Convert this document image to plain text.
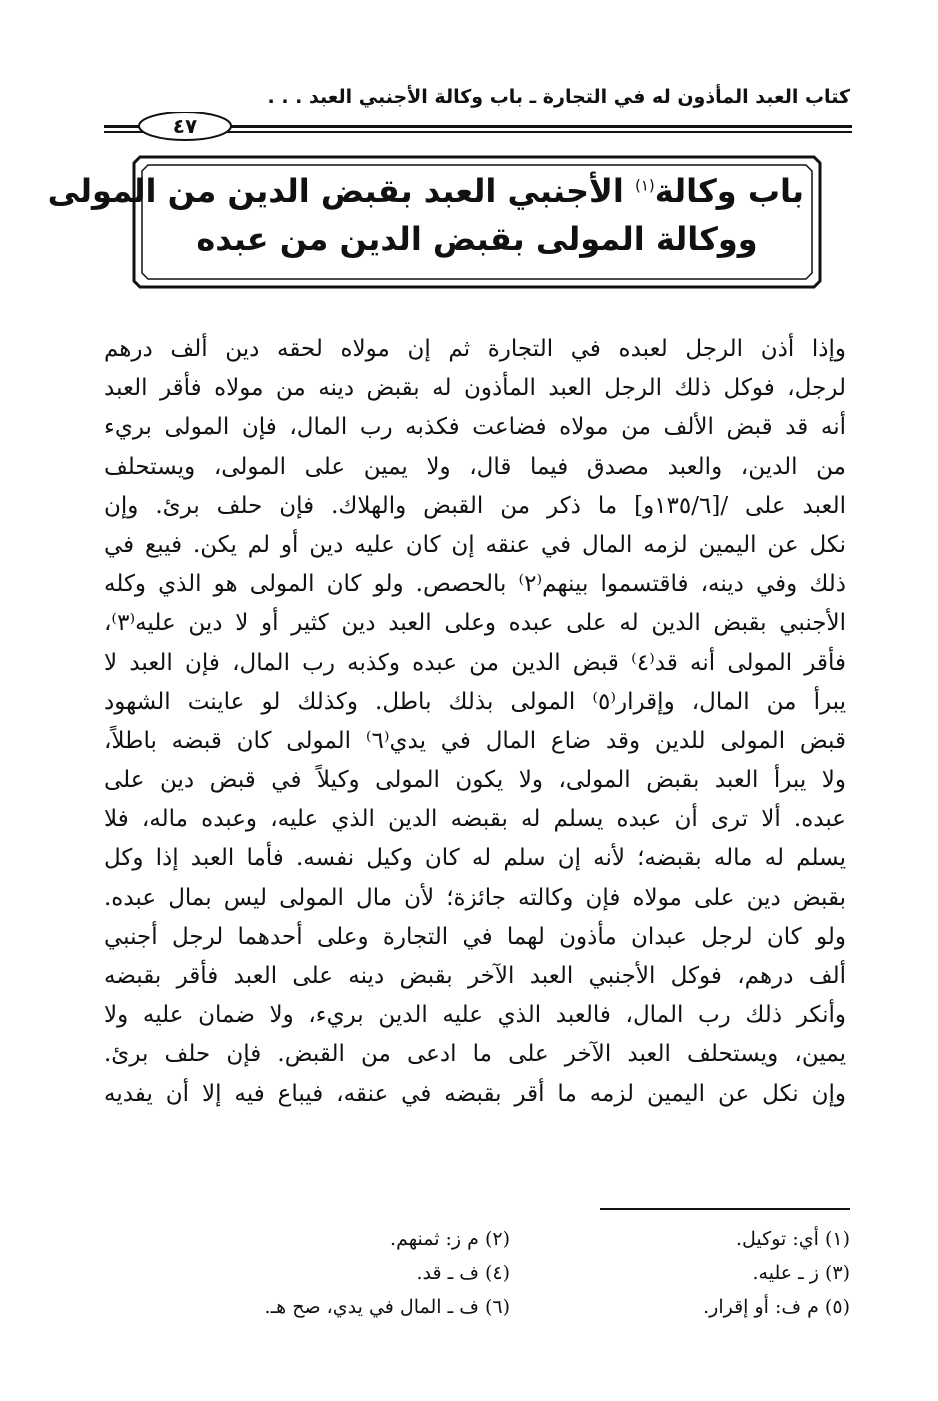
كتاب العبد المأذون له في التجارة ـ باب وكالة الأجنبي العبد . . .
٤٧
باب وكالة$^{(١)}$ الأجنبي العبد بقبض الدين من المولى
ووكالة المولى بقبض الدين من عبده
وإذا أذن الرجل لعبده في التجارة ثم إن مولاه لحقه دين ألف درهم
لرجل، فوكل ذلك الرجل العبد المأذون له بقبض دينه من مولاه فأقر العبد
أنه قد قبض الألف من مولاه فضاعت فكذبه رب المال، فإن المولى بريء
من الدين، والعبد مصدق فيما قال، ولا يمين على المولى، ويستحلف
العبد على /[١٣٥/٦و] ما ذكر من القبض والهلاك. فإن حلف برئ. وإن
نكل عن اليمين لزمه المال في عنقه إن كان عليه دين أو لم يكن. فيبع في
ذلك وفي دينه، فاقتسموا بينهم⁽٢⁾ بالحصص. ولو كان المولى هو الذي وكله
الأجنبي بقبض الدين له على عبده وعلى العبد دين كثير أو لا دين عليه⁽٣⁾،
فأقر المولى أنه قد⁽٤⁾ قبض الدين من عبده وكذبه رب المال، فإن العبد لا
يبرأ من المال، وإقرار⁽٥⁾ المولى بذلك باطل. وكذلك لو عاينت الشهود
قبض المولى للدين وقد ضاع المال في يدي⁽٦⁾ المولى كان قبضه باطلاً،
ولا يبرأ العبد بقبض المولى، ولا يكون المولى وكيلاً في قبض دين على
عبده. ألا ترى أن عبده يسلم له بقبضه الدين الذي عليه، وعبده ماله، فلا
يسلم له ماله بقبضه؛ لأنه إن سلم له كان وكيل نفسه. فأما العبد إذا وكل
بقبض دين على مولاه فإن وكالته جائزة؛ لأن مال المولى ليس بمال عبده.
ولو كان لرجل عبدان مأذون لهما في التجارة وعلى أحدهما لرجل أجنبي
ألف درهم، فوكل الأجنبي العبد الآخر بقبض دينه على العبد فأقر بقبضه
وأنكر ذلك رب المال، فالعبد الذي عليه الدين بريء، ولا ضمان عليه ولا
يمين، ويستحلف العبد الآخر على ما ادعى من القبض. فإن حلف برئ.
وإن نكل عن اليمين لزمه ما أقر بقبضه في عنقه، فيباع فيه إلا أن يفديه
(١) أي: توكيل.
(٢) م ز: ثمنهم.
(٣) ز ـ عليه.
(٤) ف ـ قد.
(٥) م ف: أو إقرار.
(٦) ف ـ المال في يدي، صح هـ.
